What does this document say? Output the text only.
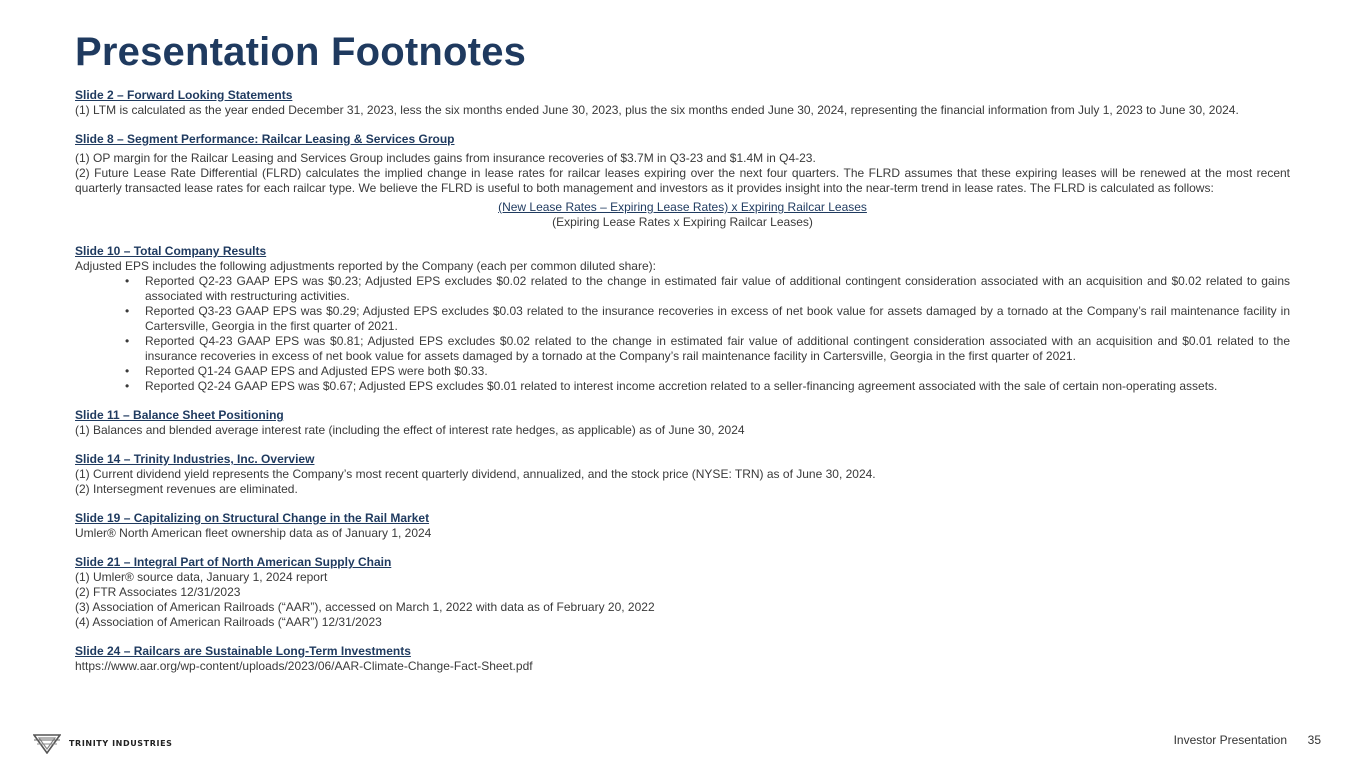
Presentation Footnotes
Slide 2 – Forward Looking Statements
(1) LTM is calculated as the year ended December 31, 2023, less the six months ended June 30, 2023, plus the six months ended June 30, 2024, representing the financial information from July 1, 2023 to June 30, 2024.
Slide 8 – Segment Performance: Railcar Leasing & Services Group
(1) OP margin for the Railcar Leasing and Services Group includes gains from insurance recoveries of $3.7M in Q3-23 and $1.4M in Q4-23.
(2) Future Lease Rate Differential (FLRD) calculates the implied change in lease rates for railcar leases expiring over the next four quarters. The FLRD assumes that these expiring leases will be renewed at the most recent quarterly transacted lease rates for each railcar type. We believe the FLRD is useful to both management and investors as it provides insight into the near-term trend in lease rates. The FLRD is calculated as follows:
(New Lease Rates – Expiring Lease Rates) x Expiring Railcar Leases
(Expiring Lease Rates x Expiring Railcar Leases)
Slide 10 – Total Company Results
Adjusted EPS includes the following adjustments reported by the Company (each per common diluted share):
• Reported Q2-23 GAAP EPS was $0.23; Adjusted EPS excludes $0.02 related to the change in estimated fair value of additional contingent consideration associated with an acquisition and $0.02 related to gains associated with restructuring activities.
• Reported Q3-23 GAAP EPS was $0.29; Adjusted EPS excludes $0.03 related to the insurance recoveries in excess of net book value for assets damaged by a tornado at the Company’s rail maintenance facility in Cartersville, Georgia in the first quarter of 2021.
• Reported Q4-23 GAAP EPS was $0.81; Adjusted EPS excludes $0.02 related to the change in estimated fair value of additional contingent consideration associated with an acquisition and $0.01 related to the insurance recoveries in excess of net book value for assets damaged by a tornado at the Company’s rail maintenance facility in Cartersville, Georgia in the first quarter of 2021.
• Reported Q1-24 GAAP EPS and Adjusted EPS were both $0.33.
• Reported Q2-24 GAAP EPS was $0.67; Adjusted EPS excludes $0.01 related to interest income accretion related to a seller-financing agreement associated with the sale of certain non-operating assets.
Slide 11 – Balance Sheet Positioning
(1) Balances and blended average interest rate (including the effect of interest rate hedges, as applicable) as of June 30, 2024
Slide 14 – Trinity Industries, Inc. Overview
(1) Current dividend yield represents the Company’s most recent quarterly dividend, annualized, and the stock price (NYSE: TRN) as of June 30, 2024.
(2) Intersegment revenues are eliminated.
Slide 19 – Capitalizing on Structural Change in the Rail Market
Umler® North American fleet ownership data as of January 1, 2024
Slide 21 – Integral Part of North American Supply Chain
(1) Umler® source data, January 1, 2024 report
(2) FTR Associates 12/31/2023
(3) Association of American Railroads (“AAR”), accessed on March 1, 2022 with data as of February 20, 2022
(4) Association of American Railroads (“AAR”) 12/31/2023
Slide 24 – Railcars are Sustainable Long-Term Investments
https://www.aar.org/wp-content/uploads/2023/06/AAR-Climate-Change-Fact-Sheet.pdf
TRINITY INDUSTRIES	Investor Presentation 35
